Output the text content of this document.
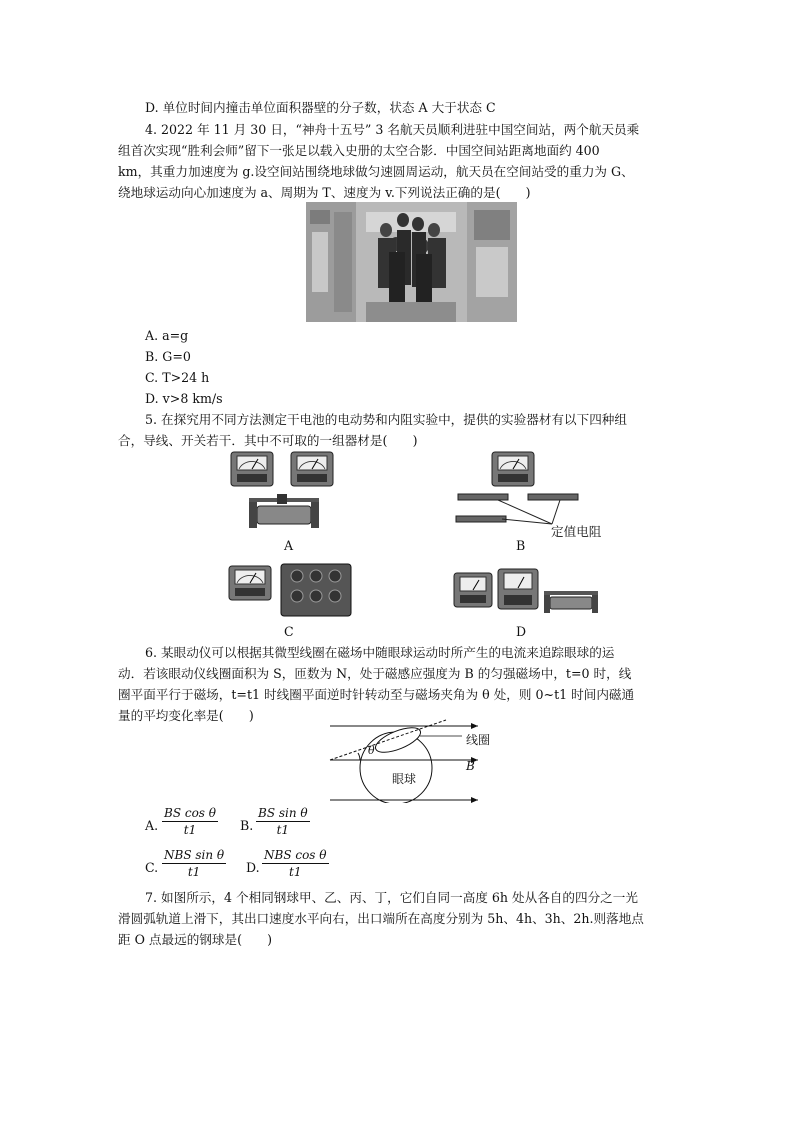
D. 单位时间内撞击单位面积器壁的分子数，状态 A 大于状态 C
4. 2022 年 11 月 30 日，“神舟十五号” 3 名航天员顺利进驻中国空间站，两个航天员乘
组首次实现“胜利会师”留下一张足以载入史册的太空合影．中国空间站距离地面约 400
km，其重力加速度为 g.设空间站围绕地球做匀速圆周运动，航天员在空间站受的重力为 G、
绕地球运动向心加速度为 a、周期为 T、速度为 v.下列说法正确的是(　　)
A. a=g
B. G=0
C. T>24 h
D. v>8 km/s
5. 在探究用不同方法测定干电池的电动势和内阻实验中，提供的实验器材有以下四种组
合，导线、开关若干．其中不可取的一组器材是(　　)
A
定值电阻
B
C	D
6. 某眼动仪可以根据其微型线圈在磁场中随眼球运动时所产生的电流来追踪眼球的运
动．若该眼动仪线圈面积为 S，匝数为 N，处于磁感应强度为 B 的匀强磁场中，t=0 时，线
圈平面平行于磁场，t=t1 时线圈平面逆时针转动至与磁场夹角为 θ 处，则 0~t1 时间内磁通
量的平均变化率是(　　)
θ
线圈
眼球
B
A. $\frac{\text{BS cos θ}}{t1} B$. $\frac{\text{BS sin θ}}{t1}$
C.
NBS sin θ
t1	D.
NBS cos θ
t1
7. 如图所示，4 个相同钢球甲、乙、丙、丁，它们自同一高度 6h 处从各自的四分之一光
滑圆弧轨道上滑下，其出口速度水平向右，出口端所在高度分别为 5h、4h、3h、2h.则落地点
距 O 点最远的钢球是(　　)
